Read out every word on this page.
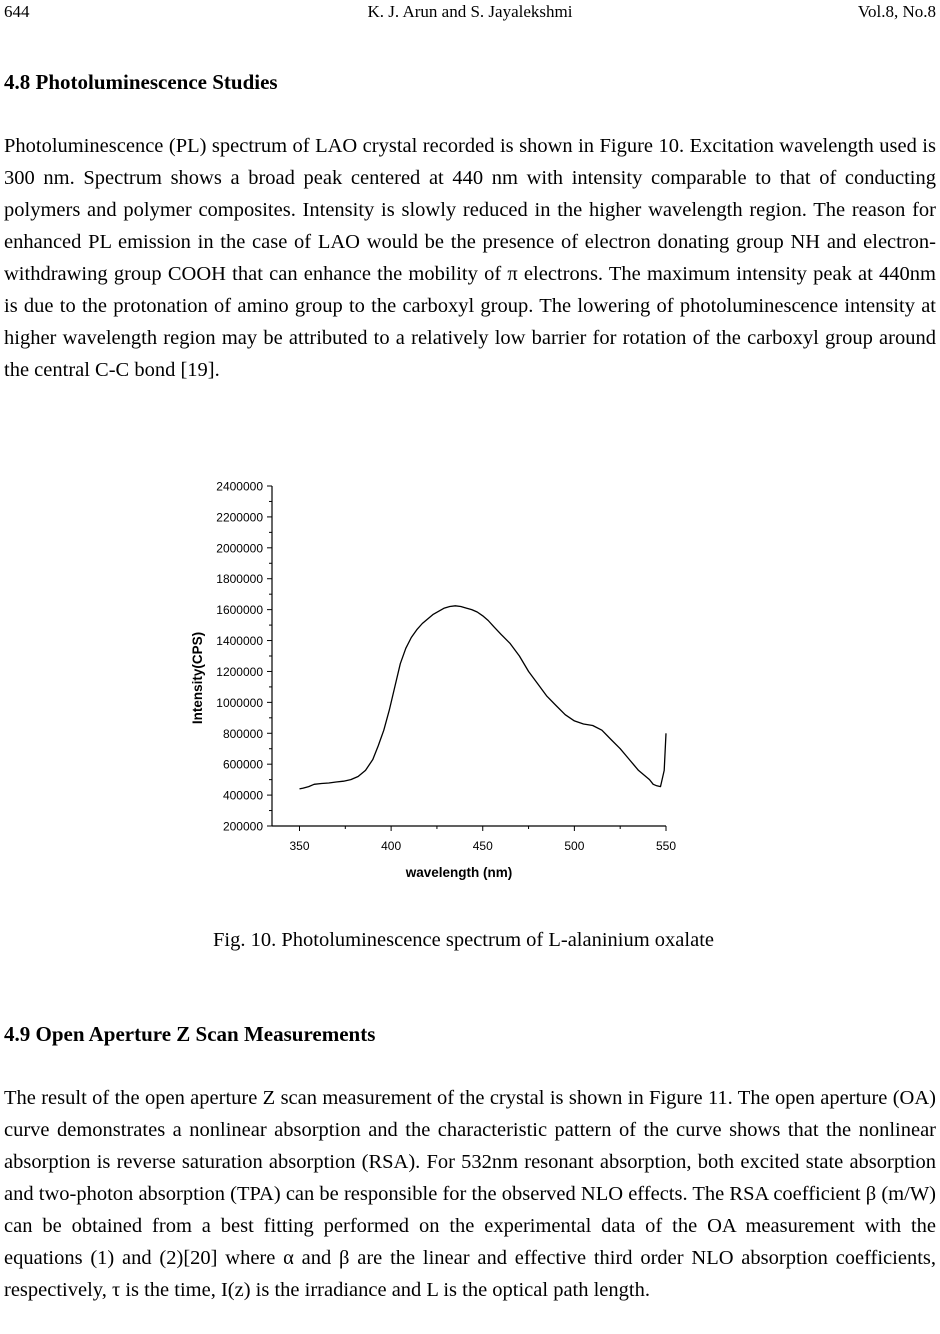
644	K. J. Arun and S. Jayalekshmi	Vol.8, No.8
4.8 Photoluminescence Studies

Photoluminescence (PL) spectrum of LAO crystal recorded is shown in Figure 10. Excitation wavelength used is 300 nm. Spectrum shows a broad peak centered at 440 nm with intensity comparable to that of conducting polymers and polymer composites. Intensity is slowly reduced in the higher wavelength region. The reason for enhanced PL emission in the case of LAO would be the presence of electron donating group NH and electron-withdrawing group COOH that can enhance the mobility of π electrons. The maximum intensity peak at 440nm is due to the protonation of amino group to the carboxyl group. The lowering of photoluminescence intensity at higher wavelength region may be attributed to a relatively low barrier for rotation of the carboxyl group around the central C-C bond [19].

200000
400000
600000
800000
1000000
1200000
1400000
1600000
1800000
2000000
2200000
2400000
350	400	450	500	550
Intensity(CPS)
wavelength (nm)
Fig. 10. Photoluminescence spectrum of L-alaninium oxalate
4.9 Open Aperture Z Scan Measurements

The result of the open aperture Z scan measurement of the crystal is shown in Figure 11. The open aperture (OA) curve demonstrates a nonlinear absorption and the characteristic pattern of the curve shows that the nonlinear absorption is reverse saturation absorption (RSA). For 532nm resonant absorption, both excited state absorption and two-photon absorption (TPA) can be responsible for the observed NLO effects. The RSA coefficient β (m/W) can be obtained from a best fitting performed on the experimental data of the OA measurement with the equations (1) and (2)[20] where α and β are the linear and effective third order NLO absorption coefficients, respectively, τ is the time, I(z) is the irradiance and L is the optical path length.
